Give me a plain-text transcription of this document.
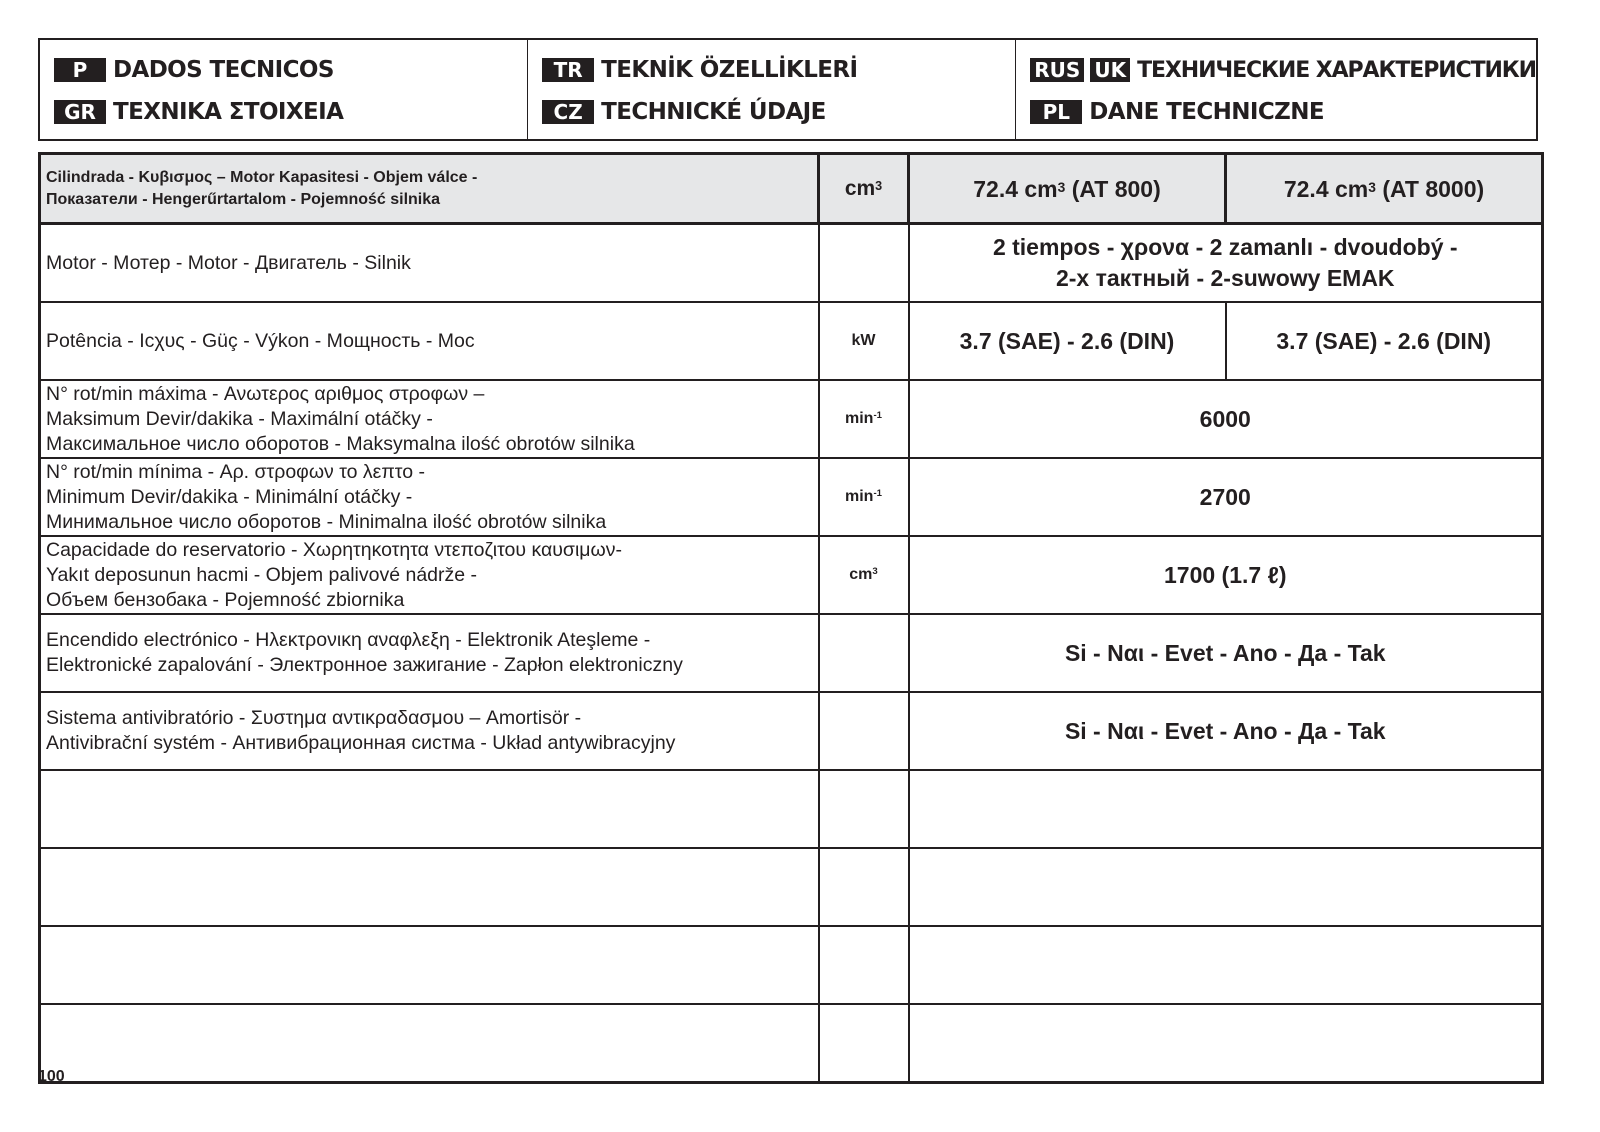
P	DADOS TECNICOS
GR TEXNIKA ΣΤΟΙΧΕΙΑ
TR TEKNİK ÖZELLİKLERİ
CZ TECHNICKÉ ÚDAJE
RUS UK ТЕХНИЧЕСКИЕ ХАРАКТЕРИСТИКИ
PL DANE TECHNICZNE
Cilindrada - Κυβισμος – Motor Kapasitesi - Objem válce -
Показатели - Hengerűrtartalom - Pojemność silnika	$cm^3$	72.4 $cm^3$ (AT 800)	72.4 $cm^3$ (AT 8000)

Motor - Мотер - Motor - Двигатель - Silnik		2 tiempos - χρονα - 2 zamanlı - dvoudobý -
2-х тактный - 2-suwowy EMAK	

Potência - Ιcχυς - Güç - Výkon - Мощность - Moc	kW	3.7 (SAE) - 2.6 (DIN)	3.7 (SAE) - 2.6 (DIN)

N° rot/min máxima - Ανωτερος αριθμος στροφων –
Maksimum Devir/dakika - Maximální otáčky -
Максимальное число оборотов - Maksymalna ilość obrotów silnika	$\min^{-1}$	6000	

N° rot/min mínima - Αρ. στροφων το λεπτο -
Minimum Devir/dakika - Minimální otáčky -
Минимальное число оборотов - Minimalna ilość obrotów silnika	$\min^{-1}$	2700	

Capacidade do reservatorio - Χωρητηκοτητα ντεποζιτου καυσιμων-
Yakıt deposunun hacmi - Objem palivové nádrže -
Объем бензобака - Pojemność zbiornika	$cm^3$	1700 (1.7 ℓ)	

Encendido electrónico - Ηλεκτρονικη αναφλεξη - Elektronik Ateşleme -
Elektronické zapalování - Электронное зажигание - Zapłon elektroniczny		Si - Ναι - Evet - Ano - Да - Tak	

Sistema antivibratório - Συστημα αντικραδασμου – Amortisör -
Antivibrační systém - Антивибрационная систма - Układ antywibracyjny		Si - Ναι - Evet - Ano - Да - Tak	

100
